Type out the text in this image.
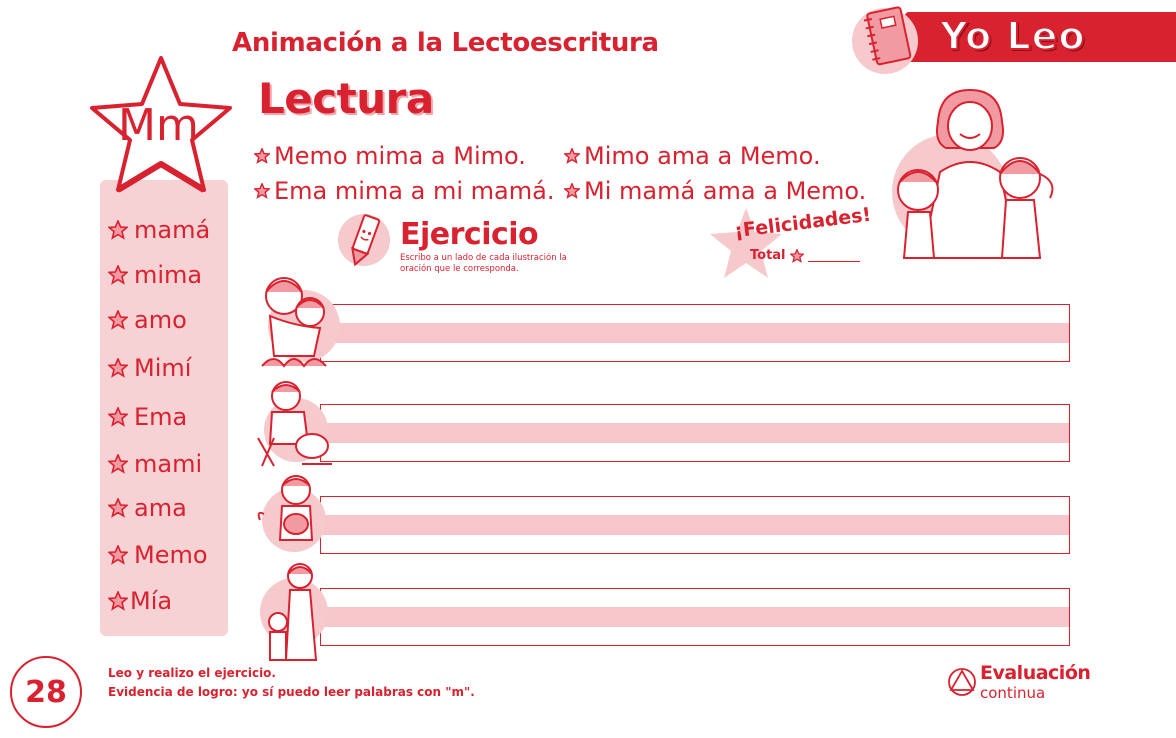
Yo Leo
Animación a la Lectoescritura
Lectura
Mm
mamá
mima
amo
Mimí
Ema
mami
ama
Memo
Mía
Memo mima a Mimo.
Ema mima a mi mamá.
Mimo ama a Memo.
Mi mamá ama a Memo.
Ejercicio
Escribo a un lado de cada ilustración la
oración que le corresponda.
¡Felicidades!
Total
28
Leo y realizo el ejercicio.
Evidencia de logro: yo sí puedo leer palabras con "m".
Evaluación
continua
